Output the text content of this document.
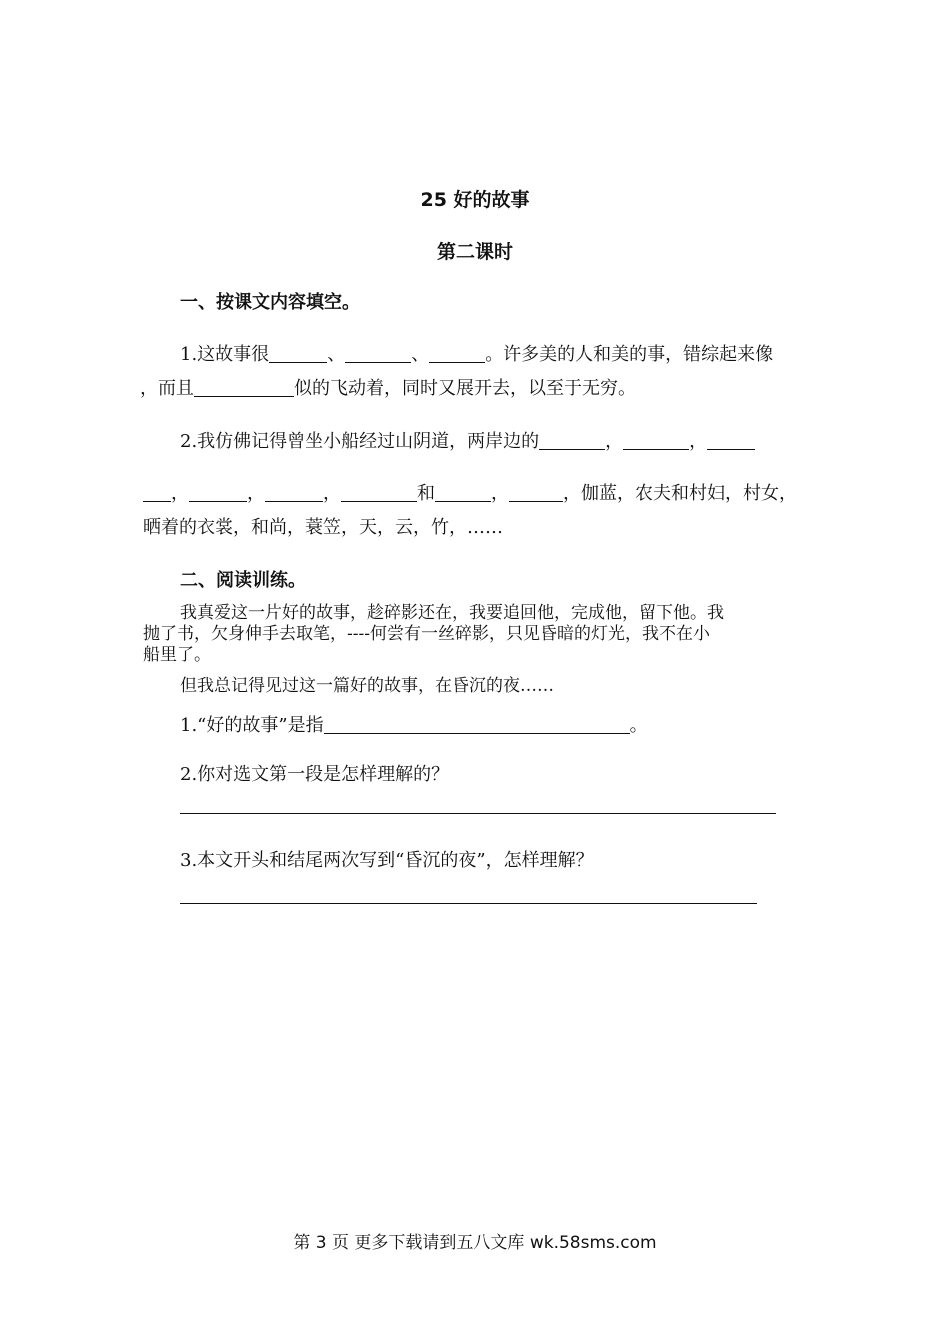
25 好的故事
第二课时
一、按课文内容填空。
1.这故事很	、	、	。许多美的人和美的事，错综起来像
，而且	似的飞动着，同时又展开去，以至于无穷。
2.我仿佛记得曾坐小船经过山阴道，两岸边的	，	，
，	，	，	和	，	，伽蓝，农夫和村妇，村女，
晒着的衣裳，和尚，蓑笠，天，云，竹，……
二、阅读训练。
我真爱这一片好的故事，趁碎影还在，我要追回他，完成他，留下他。我
抛了书，欠身伸手去取笔，----何尝有一丝碎影，只见昏暗的灯光，我不在小
船里了。
但我总记得见过这一篇好的故事，在昏沉的夜……
1.“好的故事”是指	。
2.你对选文第一段是怎样理解的？
3.本文开头和结尾两次写到“昏沉的夜”，怎样理解？
第 3 页 更多下载请到五八文库 wk.58sms.com
